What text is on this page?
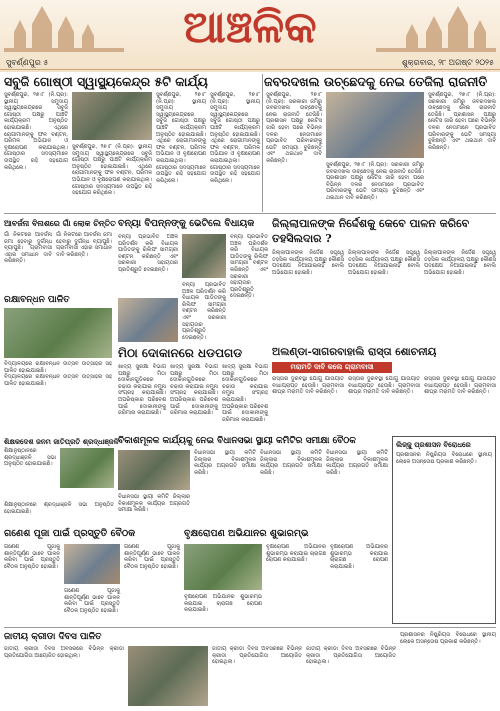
ଆଞ୍ଚଳିକ
ସୁବର୍ଣ୍ଣପୁର ୫	ଶୁକ୍ରବାର, ୨୮ ଅଗଷ୍ଟ ୨୦୨୫
ସବୁଜି ଗୋଷ୍ଠୀ ସ୍ୱାସ୍ଥ୍ୟକେନ୍ଦ୍ର ୫ଟି କାର୍ଯ୍ୟ	ଜବରଦଖଲ ଉଚ୍ଛେଦକୁ ନେଇ ତେଜିଲା ରାଜନୀତି
ସୁବର୍ଣ୍ଣପୁର, ୨୭।୮ (ନି.ପ୍ର): ସ୍ଥାନୀୟ ସମୁଦାୟ ସ୍ୱାସ୍ଥ୍ୟକେନ୍ଦ୍ରରେ ସବୁଜି ଗୋଷ୍ଠୀ ପକ୍ଷରୁ ପାଞ୍ଚଟି କାର୍ଯ୍ୟକ୍ରମ ଅନୁଷ୍ଠିତ ହୋଇଯାଇଛି। ଏଥିରେ ରୋଗୀମାନଙ୍କୁ ଫଳ ବଣ୍ଟନ, ପରିମଳ ଅଭିଯାନ ଓ ବୃକ୍ଷରୋପଣ କରାଯାଇଥିଲା। ଗୋଷ୍ଠୀର ସଦସ୍ୟମାନେ ଉପସ୍ଥିତ ରହି ସହଯୋଗ କରିଥିଲେ।
ସୁବର୍ଣ୍ଣପୁର, ୨୭।୮ (ନି.ପ୍ର): ସ୍ଥାନୀୟ ସମୁଦାୟ ସ୍ୱାସ୍ଥ୍ୟକେନ୍ଦ୍ରରେ ସବୁଜି ଗୋଷ୍ଠୀ ପକ୍ଷରୁ ପାଞ୍ଚଟି କାର୍ଯ୍ୟକ୍ରମ ଅନୁଷ୍ଠିତ ହୋଇଯାଇଛି। ଏଥିରେ ରୋଗୀମାନଙ୍କୁ ଫଳ ବଣ୍ଟନ, ପରିମଳ ଅଭିଯାନ ଓ ବୃକ୍ଷରୋପଣ କରାଯାଇଥିଲା। ଗୋଷ୍ଠୀର ସଦସ୍ୟମାନେ ଉପସ୍ଥିତ ରହି ସହଯୋଗ କରିଥିଲେ।
ସୁବର୍ଣ୍ଣପୁର, ୨୭।୮ (ନି.ପ୍ର): ସ୍ଥାନୀୟ ସମୁଦାୟ ସ୍ୱାସ୍ଥ୍ୟକେନ୍ଦ୍ରରେ ସବୁଜି ଗୋଷ୍ଠୀ ପକ୍ଷରୁ ପାଞ୍ଚଟି କାର୍ଯ୍ୟକ୍ରମ ଅନୁଷ୍ଠିତ ହୋଇଯାଇଛି। ଏଥିରେ ରୋଗୀମାନଙ୍କୁ ଫଳ ବଣ୍ଟନ, ପରିମଳ ଅଭିଯାନ ଓ ବୃକ୍ଷରୋପଣ କରାଯାଇଥିଲା। ଗୋଷ୍ଠୀର ସଦସ୍ୟମାନେ ଉପସ୍ଥିତ ରହି ସହଯୋଗ କରିଥିଲେ।
ସୁବର୍ଣ୍ଣପୁର, ୨୭।୮ (ନି.ପ୍ର): ସ୍ଥାନୀୟ ସମୁଦାୟ ସ୍ୱାସ୍ଥ୍ୟକେନ୍ଦ୍ରରେ ସବୁଜି ଗୋଷ୍ଠୀ ପକ୍ଷରୁ ପାଞ୍ଚଟି କାର୍ଯ୍ୟକ୍ରମ ଅନୁଷ୍ଠିତ ହୋଇଯାଇଛି। ଏଥିରେ ରୋଗୀମାନଙ୍କୁ ଫଳ ବଣ୍ଟନ, ପରିମଳ ଅଭିଯାନ ଓ ବୃକ୍ଷରୋପଣ କରାଯାଇଥିଲା। ଗୋଷ୍ଠୀର ସଦସ୍ୟମାନେ ଉପସ୍ଥିତ ରହି ସହଯୋଗ କରିଥିଲେ।
ସୁବର୍ଣ୍ଣପୁର, ୨୭।୮ (ନି.ପ୍ର): ସରକାରୀ ଜମିରୁ ଜବରଦଖଲ ଉଚ୍ଛେଦକୁ ନେଇ ରାଜନୀତି ତେଜିଛି। ପ୍ରଶାସନ ପକ୍ଷରୁ ନୋଟିସ ଜାରି ହେବା ପରେ ବିଭିନ୍ନ ଦଳର ନେତାମାନେ ପ୍ରଭାବିତ ପରିବାରଙ୍କୁ ଭେଟି ସମସ୍ୟା ବୁଝିଛନ୍ତି ଏବଂ ଥଇଥାନ ଦାବି କରିଛନ୍ତି।
ସୁବର୍ଣ୍ଣପୁର, ୨୭।୮ (ନି.ପ୍ର): ସରକାରୀ ଜମିରୁ ଜବରଦଖଲ ଉଚ୍ଛେଦକୁ ନେଇ ରାଜନୀତି ତେଜିଛି। ପ୍ରଶାସନ ପକ୍ଷରୁ ନୋଟିସ ଜାରି ହେବା ପରେ ବିଭିନ୍ନ ଦଳର ନେତାମାନେ ପ୍ରଭାବିତ ପରିବାରଙ୍କୁ ଭେଟି ସମସ୍ୟା ବୁଝିଛନ୍ତି ଏବଂ ଥଇଥାନ ଦାବି କରିଛନ୍ତି।
ସୁବର୍ଣ୍ଣପୁର, ୨୭।୮ (ନି.ପ୍ର): ସରକାରୀ ଜମିରୁ ଜବରଦଖଲ ଉଚ୍ଛେଦକୁ ନେଇ ରାଜନୀତି ତେଜିଛି। ପ୍ରଶାସନ ପକ୍ଷରୁ ନୋଟିସ ଜାରି ହେବା ପରେ ବିଭିନ୍ନ ଦଳର ନେତାମାନେ ପ୍ରଭାବିତ ପରିବାରଙ୍କୁ ଭେଟି ସମସ୍ୟା ବୁଝିଛନ୍ତି ଏବଂ ଥଇଥାନ ଦାବି କରିଛନ୍ତି।
ଆବର୍ଜନା ବିନାଶରେ ଗାଁ ଲୋକ ଚିନ୍ତିତ
ଗାଁ ନିକଟରେ ଆବର୍ଜନା ଜମା ହେବାରୁ ଦୁର୍ଗନ୍ଧ ବ୍ୟାପୁଛି। ଗ୍ରାମବାସୀ ଏହାର ସମାଧାନ ଦାବି କରିଛନ୍ତି।
ଗାଁ ନିକଟରେ ଆବର୍ଜନା ଜମା ହେବାରୁ ଦୁର୍ଗନ୍ଧ ବ୍ୟାପୁଛି। ଗ୍ରାମବାସୀ ଏହାର ସମାଧାନ ଦାବି କରିଛନ୍ତି।
ରକ୍ଷାବନ୍ଧନ ପାଳିତ
ବିଦ୍ୟାଳୟରେ ରକ୍ଷାବନ୍ଧନ ଉତ୍ସବ ଉତ୍ସାହର ସହ ପାଳିତ ହୋଇଯାଇଛି।
ବନ୍ୟା ବିପନ୍ନଙ୍କୁ ଭେଟିଲେ ବିଧାୟକ
ବନ୍ୟା ପ୍ରଭାବିତ ଅଞ୍ଚଳ ପରିଦର୍ଶନ କରି ବିଧାୟକ ପୀଡିତଙ୍କୁ ରିଲିଫ ସାମଗ୍ରୀ ବଣ୍ଟନ କରିଛନ୍ତି ଏବଂ ସରକାରୀ ସହାୟତାର ପ୍ରତିଶ୍ରୁତି ଦେଇଛନ୍ତି।
ବନ୍ୟା ପ୍ରଭାବିତ ଅଞ୍ଚଳ ପରିଦର୍ଶନ କରି ବିଧାୟକ ପୀଡିତଙ୍କୁ ରିଲିଫ ସାମଗ୍ରୀ ବଣ୍ଟନ କରିଛନ୍ତି ଏବଂ ସରକାରୀ ସହାୟତାର ପ୍ରତିଶ୍ରୁତି ଦେଇଛନ୍ତି।
ବନ୍ୟା ପ୍ରଭାବିତ ଅଞ୍ଚଳ ପରିଦର୍ଶନ କରି ବିଧାୟକ ପୀଡିତଙ୍କୁ ରିଲିଫ ସାମଗ୍ରୀ ବଣ୍ଟନ କରିଛନ୍ତି ଏବଂ ସରକାରୀ ସହାୟତାର ପ୍ରତିଶ୍ରୁତି ଦେଇଛନ୍ତି।
ଜିଲ୍ଲାପାଳଙ୍କ ନିର୍ଦ୍ଦେଶକୁ କେବେ ପାଳନ କରିବେ ତହସିଲଦାର ?
ଜିଲ୍ଲାପାଳଙ୍କ ନିର୍ଦ୍ଦେଶ ସତ୍ତ୍ୱେ ତହସିଲ କାର୍ଯ୍ୟାଳୟ ପକ୍ଷରୁ କୌଣସି ପଦକ୍ଷେପ ନିଆଯାଇନାହିଁ ବୋଲି ଅଭିଯୋଗ ହୋଇଛି।
ଜିଲ୍ଲାପାଳଙ୍କ ନିର୍ଦ୍ଦେଶ ସତ୍ତ୍ୱେ ତହସିଲ କାର୍ଯ୍ୟାଳୟ ପକ୍ଷରୁ କୌଣସି ପଦକ୍ଷେପ ନିଆଯାଇନାହିଁ ବୋଲି ଅଭିଯୋଗ ହୋଇଛି।
ଜିଲ୍ଲାପାଳଙ୍କ ନିର୍ଦ୍ଦେଶ ସତ୍ତ୍ୱେ ତହସିଲ କାର୍ଯ୍ୟାଳୟ ପକ୍ଷରୁ କୌଣସି ପଦକ୍ଷେପ ନିଆଯାଇନାହିଁ ବୋଲି ଅଭିଯୋଗ ହୋଇଛି।
ମିଠା ଦୋକାନରେ ଧଡପଗଡ
ଖାଦ୍ୟ ସୁରକ୍ଷା ବିଭାଗ ପକ୍ଷରୁ ମିଠା ଦୋକାନଗୁଡିକରେ ଚଢାଉ କରାଯାଇ ନମୁନା ସଂଗ୍ରହ କରାଯାଇଛି। ଅପରିଷ୍କାର ପରିବେଶ ପାଇଁ ଦୋକାନୀଙ୍କୁ ଜରିମାନା କରାଯାଇଛି।
ଖାଦ୍ୟ ସୁରକ୍ଷା ବିଭାଗ ପକ୍ଷରୁ ମିଠା ଦୋକାନଗୁଡିକରେ ଚଢାଉ କରାଯାଇ ନମୁନା ସଂଗ୍ରହ କରାଯାଇଛି। ଅପରିଷ୍କାର ପରିବେଶ ପାଇଁ ଦୋକାନୀଙ୍କୁ ଜରିମାନା କରାଯାଇଛି।
ଖାଦ୍ୟ ସୁରକ୍ଷା ବିଭାଗ ପକ୍ଷରୁ ମିଠା ଦୋକାନଗୁଡିକରେ ଚଢାଉ କରାଯାଇ ନମୁନା ସଂଗ୍ରହ କରାଯାଇଛି। ଅପରିଷ୍କାର ପରିବେଶ ପାଇଁ ଦୋକାନୀଙ୍କୁ ଜରିମାନା କରାଯାଇଛି।
ବିଦ୍ୟାଳୟରେ ରକ୍ଷାବନ୍ଧନ ଉତ୍ସବ ଉତ୍ସାହର ସହ ପାଳିତ ହୋଇଯାଇଛି।
ଅଲଣ୍ଡା-ସାଗରବାହାଲି ରାସ୍ତା ଶୋଚନୀୟ
ମରାମତି ଦାବି କଲେ ଗ୍ରାମବାସୀ
ରାସ୍ତାର ଦୁରବସ୍ଥା ଯୋଗୁ ଯାତାୟାତ ବାଧାପ୍ରାପ୍ତ ହେଉଛି। ଗ୍ରାମବାସୀ ଶୀଘ୍ର ମରାମତି ଦାବି କରିଛନ୍ତି।
ରାସ୍ତାର ଦୁରବସ୍ଥା ଯୋଗୁ ଯାତାୟାତ ବାଧାପ୍ରାପ୍ତ ହେଉଛି। ଗ୍ରାମବାସୀ ଶୀଘ୍ର ମରାମତି ଦାବି କରିଛନ୍ତି।
ରାସ୍ତାର ଦୁରବସ୍ଥା ଯୋଗୁ ଯାତାୟାତ ବାଧାପ୍ରାପ୍ତ ହେଉଛି। ଗ୍ରାମବାସୀ ଶୀଘ୍ର ମରାମତି ଦାବି କରିଛନ୍ତି।
ଶିକ୍ଷକଦେଶ ଜନମ ଜାତିପ୍ରତି ଶ୍ରଦ୍ଧାଞ୍ଜଳି
ଶିକ୍ଷାନୁଷ୍ଠାନରେ ଶ୍ରଦ୍ଧାଞ୍ଜଳି ସଭା ଅନୁଷ୍ଠିତ ହୋଇଯାଇଛି।
ଶିକ୍ଷାନୁଷ୍ଠାନରେ ଶ୍ରଦ୍ଧାଞ୍ଜଳି ସଭା ଅନୁଷ୍ଠିତ ହୋଇଯାଇଛି।
ବିକାଶମୂଳକ କାର୍ଯ୍ୟକୁ ନେଇ ବିଧାନସଭା ସ୍ଥାୟୀ କମିଟିର ସମୀକ୍ଷା ବୈଠକ
ବିଧାନସଭା ସ୍ଥାୟୀ କମିଟି ଜିଲ୍ଲାର ବିକାଶମୂଳକ କାର୍ଯ୍ୟର ଅଗ୍ରଗତି ସମୀକ୍ଷା କରିଛି।
ବିଧାନସଭା ସ୍ଥାୟୀ କମିଟି ଜିଲ୍ଲାର ବିକାଶମୂଳକ କାର୍ଯ୍ୟର ଅଗ୍ରଗତି ସମୀକ୍ଷା କରିଛି।
ବିଧାନସଭା ସ୍ଥାୟୀ କମିଟି ଜିଲ୍ଲାର ବିକାଶମୂଳକ କାର୍ଯ୍ୟର ଅଗ୍ରଗତି ସମୀକ୍ଷା କରିଛି।
ବିଧାନସଭା ସ୍ଥାୟୀ କମିଟି ଜିଲ୍ଲାର ବିକାଶମୂଳକ କାର୍ଯ୍ୟର ଅଗ୍ରଗତି ସମୀକ୍ଷା କରିଛି।
ଲିଜ୍ଜୁ ପ୍ରଶାସନ ବିରୋଧରେ
ପ୍ରଶାସନର ନିଷ୍କ୍ରିୟତା ବିରୋଧରେ ସ୍ଥାନୀୟ ଲୋକେ ଅସନ୍ତୋଷ ପ୍ରକାଶ କରିଛନ୍ତି।
ଗଣେଶ ପୂଜା ପାଇଁ ପ୍ରସ୍ତୁତି ବୈଠକ
ଗଣେଶ ପୂଜାକୁ ଶାନ୍ତିପୂର୍ଣ୍ଣ ଭାବେ ପାଳନ କରିବା ପାଇଁ ପ୍ରସ୍ତୁତି ବୈଠକ ଅନୁଷ୍ଠିତ ହୋଇଛି।
ଗଣେଶ ପୂଜାକୁ ଶାନ୍ତିପୂର୍ଣ୍ଣ ଭାବେ ପାଳନ କରିବା ପାଇଁ ପ୍ରସ୍ତୁତି ବୈଠକ ଅନୁଷ୍ଠିତ ହୋଇଛି।
ଗଣେଶ ପୂଜାକୁ ଶାନ୍ତିପୂର୍ଣ୍ଣ ଭାବେ ପାଳନ କରିବା ପାଇଁ ପ୍ରସ୍ତୁତି ବୈଠକ ଅନୁଷ୍ଠିତ ହୋଇଛି।
ବୃକ୍ଷରୋପଣ ଅଭିଯାନର ଶୁଭାରମ୍ଭ
ବୃକ୍ଷରୋପଣ ଅଭିଯାନର ଶୁଭାରମ୍ଭ କରାଯାଇ ଚାରାଗଛ ରୋପଣ କରାଯାଇଛି।
ବୃକ୍ଷରୋପଣ ଅଭିଯାନର ଶୁଭାରମ୍ଭ କରାଯାଇ ଚାରାଗଛ ରୋପଣ କରାଯାଇଛି।
ବୃକ୍ଷରୋପଣ ଅଭିଯାନର ଶୁଭାରମ୍ଭ କରାଯାଇ ଚାରାଗଛ ରୋପଣ କରାଯାଇଛି।
ଜାତୀୟ କ୍ରୀଡା ଦିବସ ପାଳିତ
ଜାତୀୟ କ୍ରୀଡା ଦିବସ ଅବସରରେ ବିଭିନ୍ନ କ୍ରୀଡା ପ୍ରତିଯୋଗିତା ଆୟୋଜିତ ହୋଇଥିଲା।
ଜାତୀୟ କ୍ରୀଡା ଦିବସ ଅବସରରେ ବିଭିନ୍ନ କ୍ରୀଡା ପ୍ରତିଯୋଗିତା ଆୟୋଜିତ ହୋଇଥିଲା।
ଜାତୀୟ କ୍ରୀଡା ଦିବସ ଅବସରରେ ବିଭିନ୍ନ କ୍ରୀଡା ପ୍ରତିଯୋଗିତା ଆୟୋଜିତ ହୋଇଥିଲା।
ପ୍ରଶାସନର ନିଷ୍କ୍ରିୟତା ବିରୋଧରେ ସ୍ଥାନୀୟ ଲୋକେ ଅସନ୍ତୋଷ ପ୍ରକାଶ କରିଛନ୍ତି।
